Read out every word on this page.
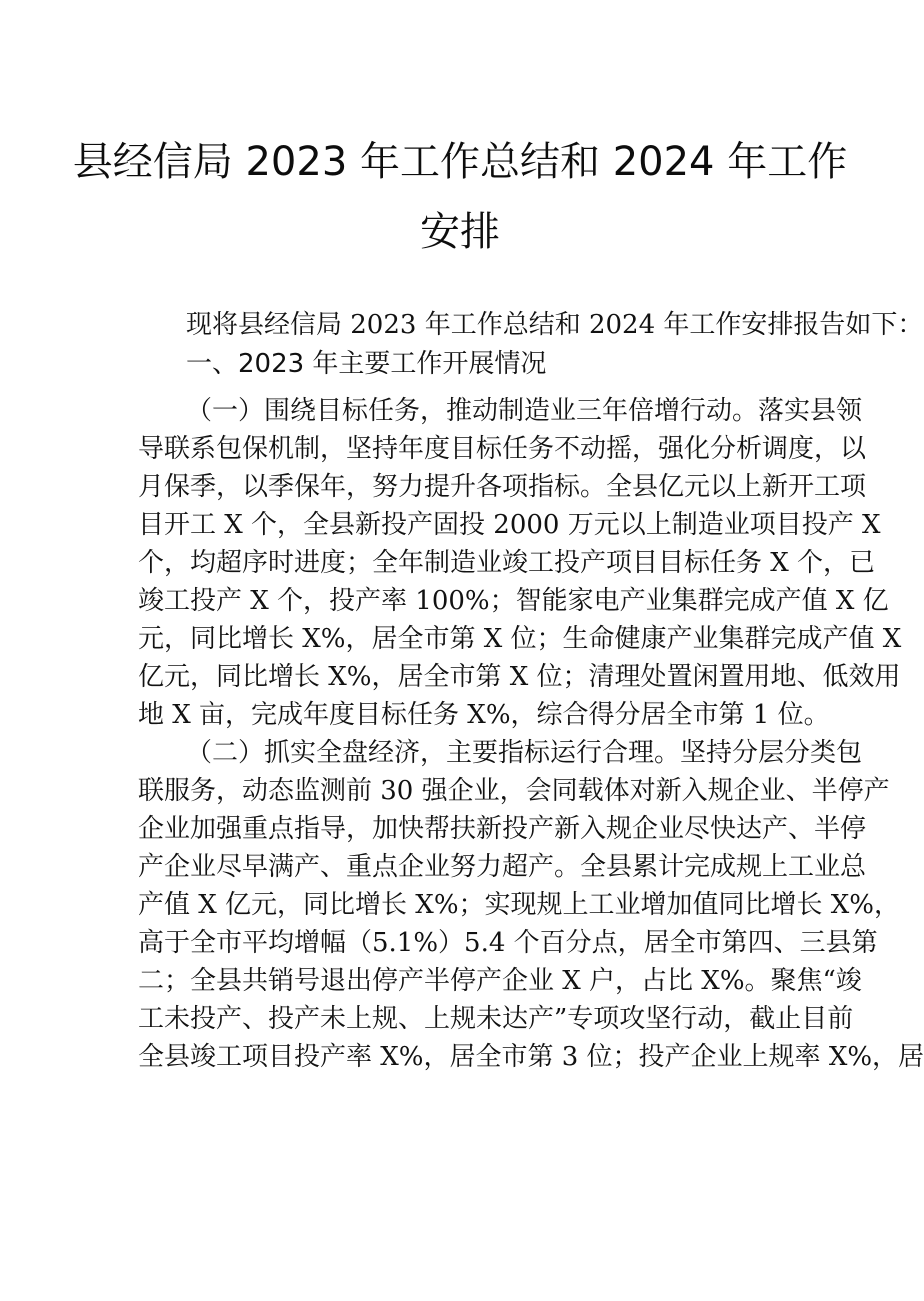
县经信局 2023 年工作总结和 2024 年工作
安排
现将县经信局 2023 年工作总结和 2024 年工作安排报告如下：
一、2023 年主要工作开展情况
（一）围绕目标任务，推动制造业三年倍增行动。落实县领
导联系包保机制，坚持年度目标任务不动摇，强化分析调度，以
月保季，以季保年，努力提升各项指标。全县亿元以上新开工项
目开工 X 个，全县新投产固投 2000 万元以上制造业项目投产 X
个，均超序时进度；全年制造业竣工投产项目目标任务 X 个，已
竣工投产 X 个，投产率 100%；智能家电产业集群完成产值 X 亿
元，同比增长 X%，居全市第 X 位；生命健康产业集群完成产值 X
亿元，同比增长 X%，居全市第 X 位；清理处置闲置用地、低效用
地 X 亩，完成年度目标任务 X%，综合得分居全市第 1 位。
（二）抓实全盘经济，主要指标运行合理。坚持分层分类包
联服务，动态监测前 30 强企业，会同载体对新入规企业、半停产
企业加强重点指导，加快帮扶新投产新入规企业尽快达产、半停
产企业尽早满产、重点企业努力超产。全县累计完成规上工业总
产值 X 亿元，同比增长 X%；实现规上工业增加值同比增长 X%，
高于全市平均增幅（5.1%）5.4 个百分点，居全市第四、三县第
二；全县共销号退出停产半停产企业 X 户，占比 X%。聚焦“竣
工未投产、投产未上规、上规未达产”专项攻坚行动，截止目前
全县竣工项目投产率 X%，居全市第 3 位；投产企业上规率 X%，居
